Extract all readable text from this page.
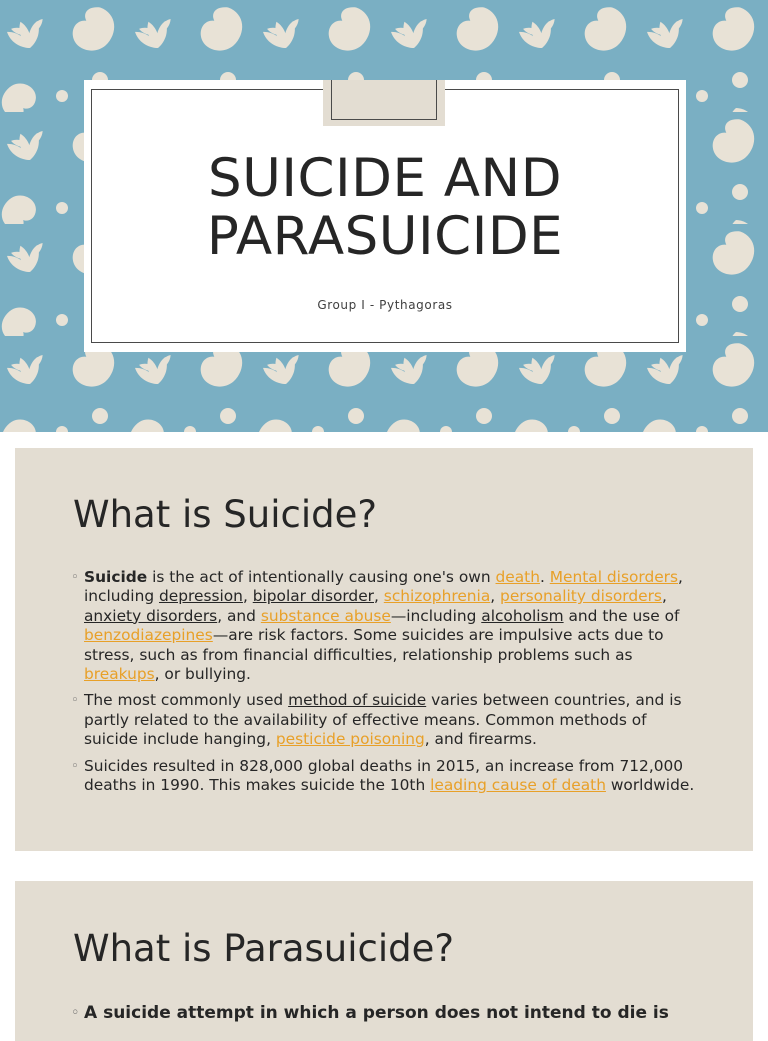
SUICIDE AND
PARASUICIDE
Group I - Pythagoras
What is Suicide?
◦ Suicide is the act of intentionally causing one's own death. Mental disorders, including depression, bipolar disorder, schizophrenia, personality disorders, anxiety disorders, and substance abuse—including alcoholism and the use of benzodiazepines—are risk factors. Some suicides are impulsive acts due to stress, such as from financial difficulties, relationship problems such as breakups, or bullying.
◦ The most commonly used method of suicide varies between countries, and is partly related to the availability of effective means. Common methods of suicide include hanging, pesticide poisoning, and firearms.
◦ Suicides resulted in 828,000 global deaths in 2015, an increase from 712,000 deaths in 1990. This makes suicide the 10th leading cause of death worldwide.
What is Parasuicide?
◦ A suicide attempt in which a person does not intend to die is
